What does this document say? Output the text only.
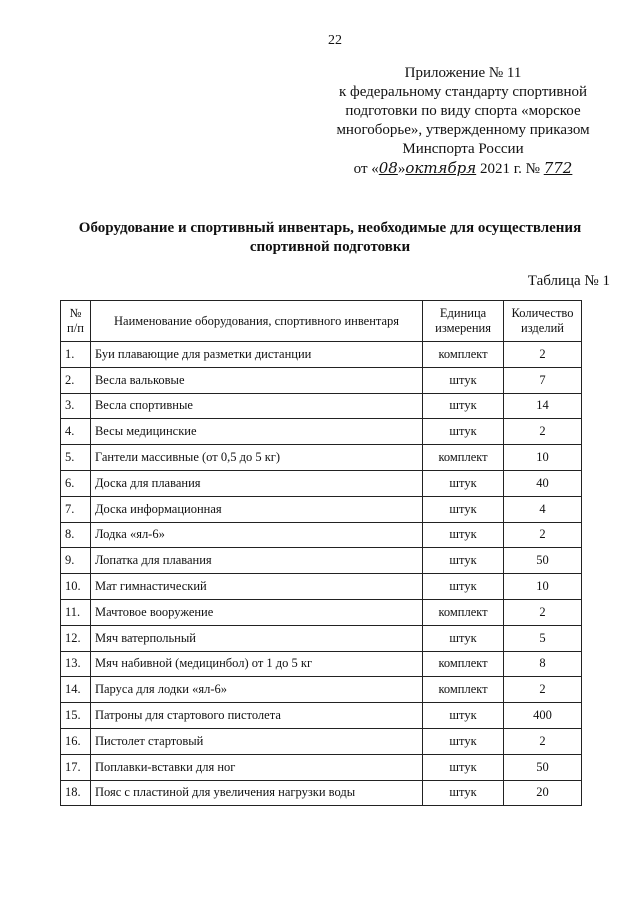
22
Приложение № 11
к федеральному стандарту спортивной
подготовки по виду спорта «морское
многоборье», утвержденному приказом
Минспорта России
от «08»октября 2021 г. № 772
Оборудование и спортивный инвентарь, необходимые для осуществления спортивной подготовки
Таблица № 1
№ п/п	Наименование оборудования, спортивного инвентаря	Единица измерения	Количество изделий
1.	Буи плавающие для разметки дистанции	комплект	2
2.	Весла вальковые	штук	7
3.	Весла спортивные	штук	14
4.	Весы медицинские	штук	2
5.	Гантели массивные (от 0,5 до 5 кг)	комплект	10
6.	Доска для плавания	штук	40
7.	Доска информационная	штук	4
8.	Лодка «ял-6»	штук	2
9.	Лопатка для плавания	штук	50
10.	Мат гимнастический	штук	10
11.	Мачтовое вооружение	комплект	2
12.	Мяч ватерпольный	штук	5
13.	Мяч набивной (медицинбол) от 1 до 5 кг	комплект	8
14.	Паруса для лодки «ял-6»	комплект	2
15.	Патроны для стартового пистолета	штук	400
16.	Пистолет стартовый	штук	2
17.	Поплавки-вставки для ног	штук	50
18.	Пояс с пластиной для увеличения нагрузки воды	штук	20
